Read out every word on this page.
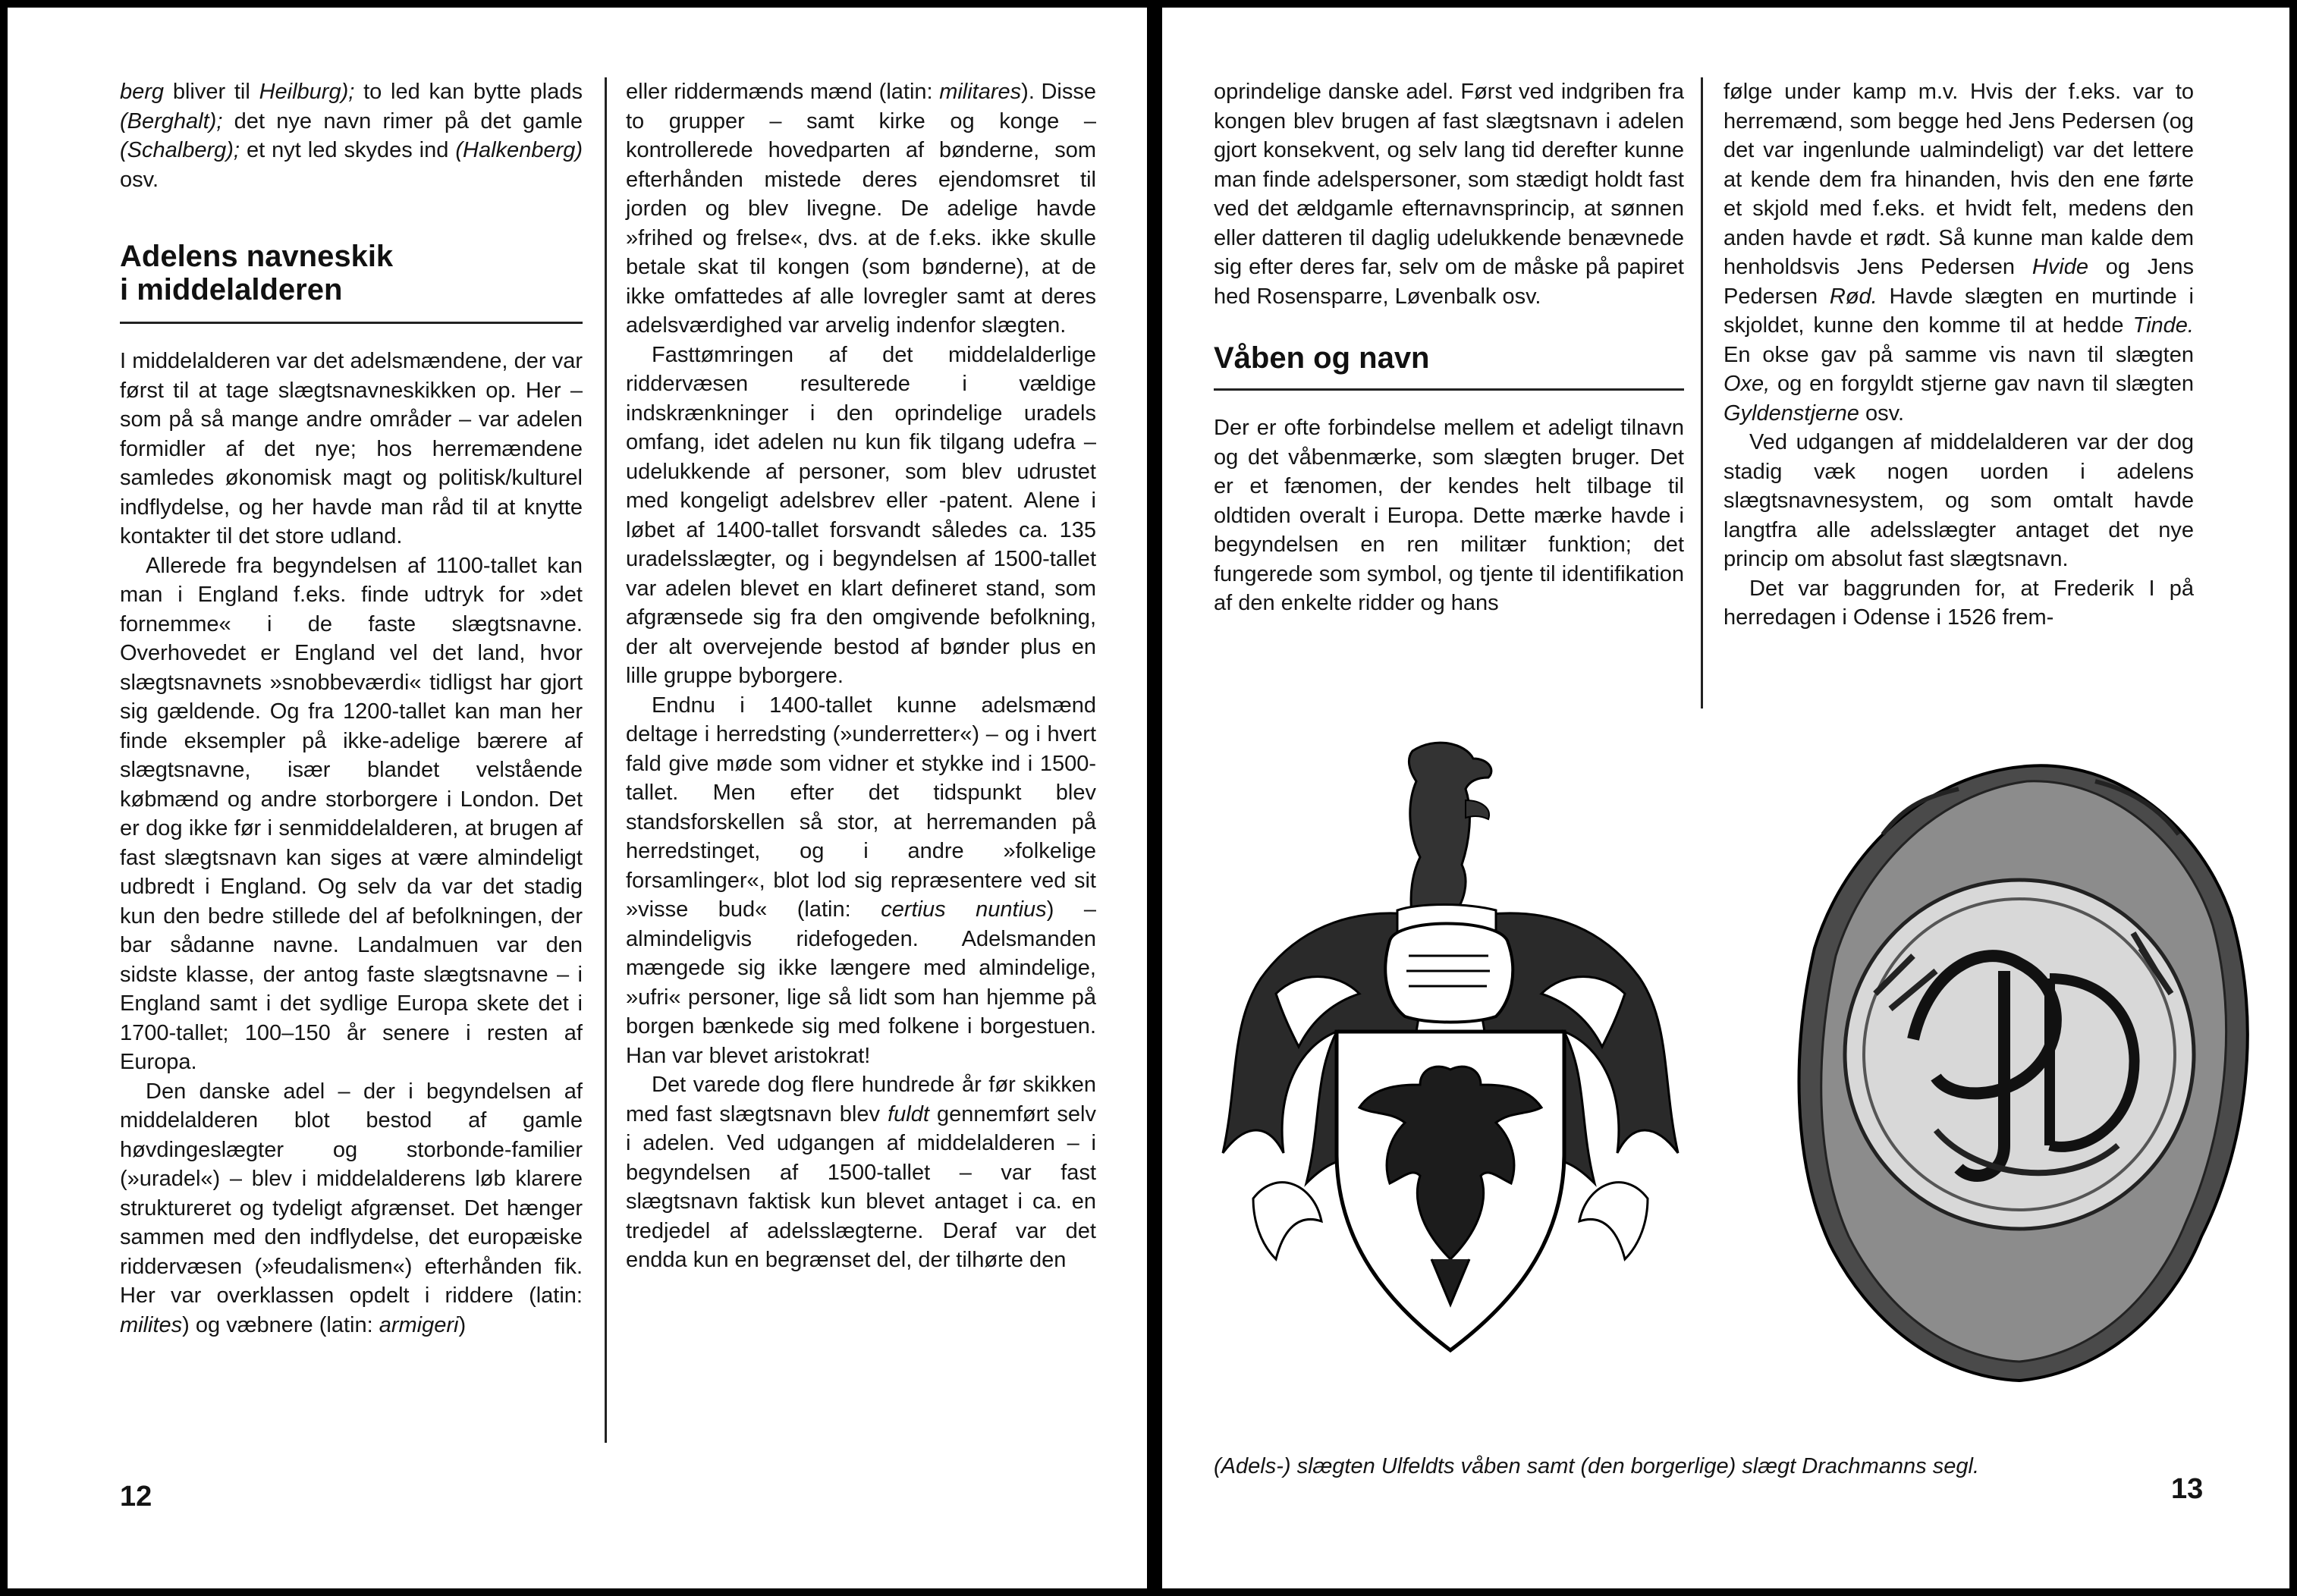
berg bliver til Heilburg); to led kan bytte plads (Berghalt); det nye navn rimer på det gamle (Schalberg); et nyt led skydes ind (Halkenberg) osv.

Adelens navneskik
i middelalderen

I middelalderen var det adelsmændene, der var først til at tage slægtsnavneskikken op. Her – som på så mange andre områder – var adelen formidler af det nye; hos herremændene samledes økonomisk magt og politisk/kulturel indflydelse, og her havde man råd til at knytte kontakter til det store udland.

Allerede fra begyndelsen af 1100-tallet kan man i England f.eks. finde udtryk for »det fornemme« i de faste slægtsnavne. Overhovedet er England vel det land, hvor slægtsnavnets »snobbeværdi« tidligst har gjort sig gældende. Og fra 1200-tallet kan man her finde eksempler på ikke-adelige bærere af slægtsnavne, især blandet velstående købmænd og andre storborgere i London. Det er dog ikke før i senmiddelalderen, at brugen af fast slægtsnavn kan siges at være almindeligt udbredt i England. Og selv da var det stadig kun den bedre stillede del af befolkningen, der bar sådanne navne. Landalmuen var den sidste klasse, der antog faste slægtsnavne – i England samt i det sydlige Europa skete det i 1700-tallet; 100–150 år senere i resten af Europa.

Den danske adel – der i begyndelsen af middelalderen blot bestod af gamle høvdingeslægter og storbonde-familier (»uradel«) – blev i middelalderens løb klarere struktureret og tydeligt afgrænset. Det hænger sammen med den indflydelse, det europæiske riddervæsen (»feudalismen«) efterhånden fik. Her var overklassen opdelt i riddere (latin: milites) og væbnere (latin: armigeri)

eller riddermænds mænd (latin: militares). Disse to grupper – samt kirke og konge – kontrollerede hovedparten af bønderne, som efterhånden mistede deres ejendomsret til jorden og blev livegne. De adelige havde »frihed og frelse«, dvs. at de f.eks. ikke skulle betale skat til kongen (som bønderne), at de ikke omfattedes af alle lovregler samt at deres adelsværdighed var arvelig indenfor slægten.

Fasttømringen af det middelalderlige riddervæsen resulterede i vældige indskrænkninger i den oprindelige uradels omfang, idet adelen nu kun fik tilgang udefra – udelukkende af personer, som blev udrustet med kongeligt adelsbrev eller -patent. Alene i løbet af 1400-tallet forsvandt således ca. 135 uradelsslægter, og i begyndelsen af 1500-tallet var adelen blevet en klart defineret stand, som afgrænsede sig fra den omgivende befolkning, der alt overvejende bestod af bønder plus en lille gruppe byborgere.

Endnu i 1400-tallet kunne adelsmænd deltage i herredsting (»underretter«) – og i hvert fald give møde som vidner et stykke ind i 1500-tallet. Men efter det tidspunkt blev standsforskellen så stor, at herremanden på herredstinget, og i andre »folkelige forsamlinger«, blot lod sig repræsentere ved sit »visse bud« (latin: certius nuntius) – almindeligvis ridefogeden. Adelsmanden mængede sig ikke længere med almindelige, »ufri« personer, lige så lidt som han hjemme på borgen bænkede sig med folkene i borgestuen. Han var blevet aristokrat!

Det varede dog flere hundrede år før skikken med fast slægtsnavn blev fuldt gennemført selv i adelen. Ved udgangen af middelalderen – i begyndelsen af 1500-tallet – var fast slægtsnavn faktisk kun blevet antaget i ca. en tredjedel af adelsslægterne. Deraf var det endda kun en begrænset del, der tilhørte den

12

oprindelige danske adel. Først ved indgriben fra kongen blev brugen af fast slægtsnavn i adelen gjort konsekvent, og selv lang tid derefter kunne man finde adelspersoner, som stædigt holdt fast ved det ældgamle efternavnsprincip, at sønnen eller datteren til daglig udelukkende benævnede sig efter deres far, selv om de måske på papiret hed Rosensparre, Løvenbalk osv.

Våben og navn

Der er ofte forbindelse mellem et adeligt tilnavn og det våbenmærke, som slægten bruger. Det er et fænomen, der kendes helt tilbage til oldtiden overalt i Europa. Dette mærke havde i begyndelsen en ren militær funktion; det fungerede som symbol, og tjente til identifikation af den enkelte ridder og hans

følge under kamp m.v. Hvis der f.eks. var to herremænd, som begge hed Jens Pedersen (og det var ingenlunde ualmindeligt) var det lettere at kende dem fra hinanden, hvis den ene førte et skjold med f.eks. et hvidt felt, medens den anden havde et rødt. Så kunne man kalde dem henholdsvis Jens Pedersen Hvide og Jens Pedersen Rød. Havde slægten en murtinde i skjoldet, kunne den komme til at hedde Tinde. En okse gav på samme vis navn til slægten Oxe, og en forgyldt stjerne gav navn til slægten Gyldenstjerne osv.

Ved udgangen af middelalderen var der dog stadig væk nogen uorden i adelens slægtsnavnesystem, og som omtalt havde langtfra alle adelsslægter antaget det nye princip om absolut fast slægtsnavn.

Det var baggrunden for, at Frederik I på herredagen i Odense i 1526 frem-

(Adels-) slægten Ulfeldts våben samt (den borgerlige) slægt Drachmanns segl.
13
